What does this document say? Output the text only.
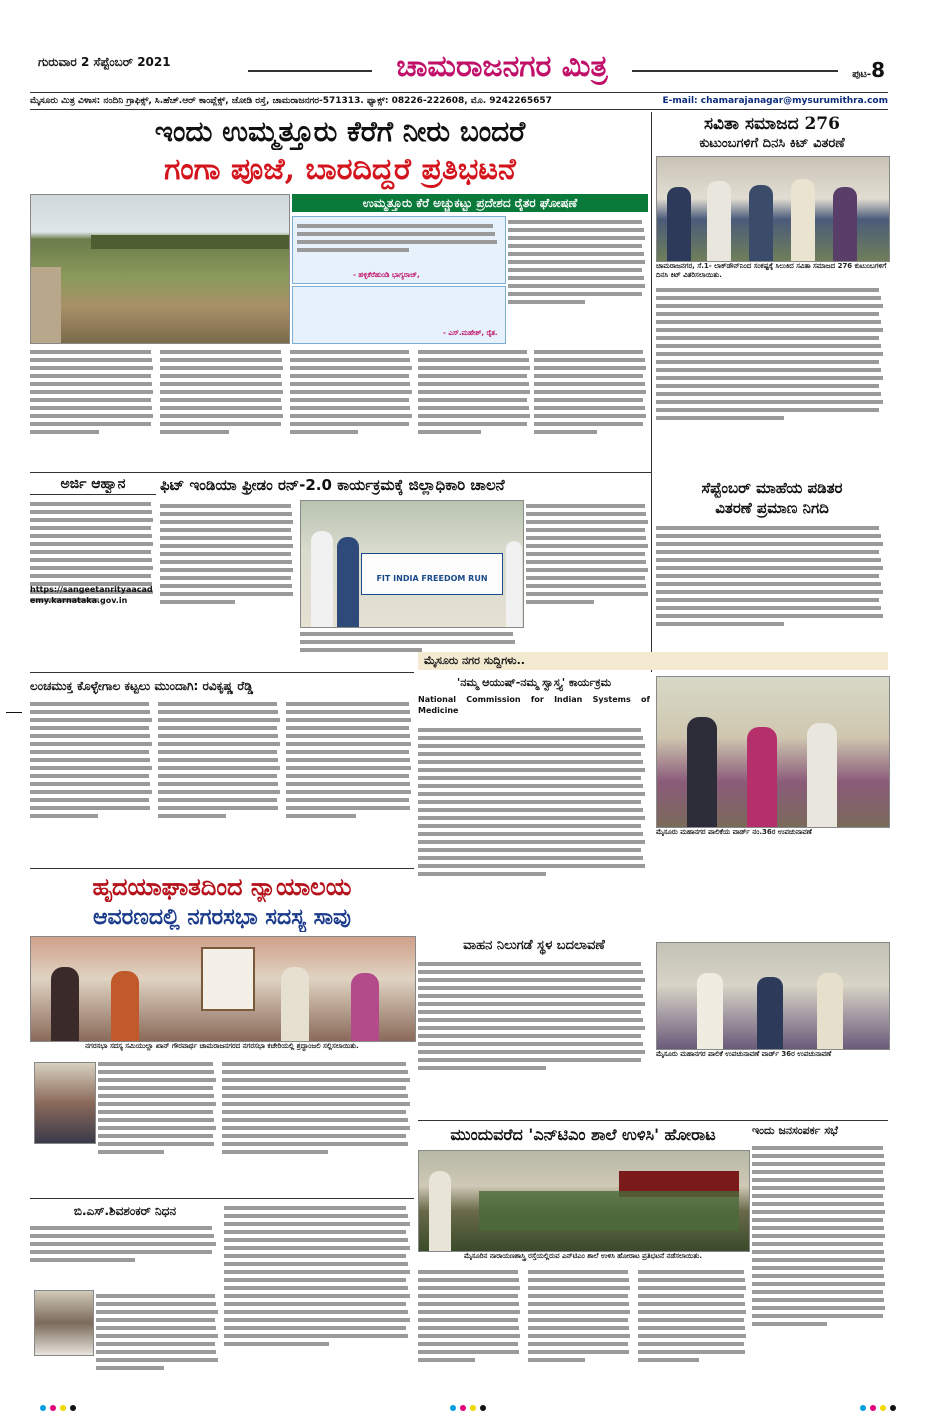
ಗುರುವಾರ 2 ಸೆಪ್ಟೆಂಬರ್ 2021	ಚಾಮರಾಜನಗರ ಮಿತ್ರ	ಪುಟ-8
ಮೈಸೂರು ಮಿತ್ರ ವಿಳಾಸ: ನಂದಿನಿ ಗ್ರಾಫಿಕ್ಸ್, ಸಿ.ಹೆಚ್.ಆರ್ ಕಾಂಪ್ಲೆಕ್ಸ್, ಜೋಡಿ ರಸ್ತೆ, ಚಾಮರಾಜನಗರ-571313. ಫ್ಯಾಕ್ಸ್: 08226-222608, ಮೊ. 9242265657	E-mail: chamarajanagar@mysurumithra.com
ಇಂದು ಉಮ್ಮತ್ತೂರು ಕೆರೆಗೆ ನೀರು ಬಂದರೆ
ಗಂಗಾ ಪೂಜೆ, ಬಾರದಿದ್ದರೆ ಪ್ರತಿಭಟನೆ
ಉಮ್ಮತ್ತೂರು ಕೆರೆ ಅಚ್ಚುಕಟ್ಟು ಪ್ರದೇಶದ ರೈತರ ಘೋಷಣೆ
- ಹಳ್ಳಿಕೆರೆಹುಂಡಿ ಭಾಗ್ಯರಾಜ್,
- ಎಸ್.ಮಹೇಶ್, ರೈತ.
ಸವಿತಾ ಸಮಾಜದ 276
ಕುಟುಂಬಗಳಿಗೆ ದಿನಸಿ ಕಿಟ್ ವಿತರಣೆ
ಚಾಮರಾಜನಗರ, ಸೆ.1- ಲಾಕ್‌ಡೌನ್‌ನಿಂದ ಸಂಕಷ್ಟಕ್ಕೆ ಸಿಲುಕಿದ ಸವಿತಾ ಸಮಾಜದ 276 ಕುಟುಂಬಗಳಿಗೆ ದಿನಸಿ ಕಿಟ್ ವಿತರಿಸಲಾಯಿತು.
ಅರ್ಜಿ ಆಹ್ವಾನ
https://sangeetanrityaacademy.karnataka.gov.in
ಫಿಟ್ ಇಂಡಿಯಾ ಫ್ರೀಡಂ ರನ್-2.0 ಕಾರ್ಯಕ್ರಮಕ್ಕೆ ಜಿಲ್ಲಾಧಿಕಾರಿ ಚಾಲನೆ
FIT INDIA FREEDOM RUN
ಸೆಪ್ಟೆಂಬರ್ ಮಾಹೆಯ ಪಡಿತರ
ವಿತರಣೆ ಪ್ರಮಾಣ ನಿಗದಿ
ಮೈಸೂರು ನಗರ ಸುದ್ದಿಗಳು..
ಲಂಚಮುಕ್ತ ಕೊಳ್ಳೇಗಾಲ ಕಟ್ಟಲು ಮುಂದಾಗಿ: ರವಿಕೃಷ್ಣ ರೆಡ್ಡಿ	'ನಮ್ಮ ಆಯುಷ್-ನಮ್ಮ ಸ್ವಾಸ್ತ್ಯ' ಕಾರ್ಯಕ್ರಮ
National Commission for Indian Systems of Medicine
ಮೈಸೂರು ಮಹಾನಗರ ಪಾಲಿಕೆಯ ವಾರ್ಡ್ ನಂ.36ರ ಉಪಚುನಾವಣೆ
ಹೃದಯಾಘಾತದಿಂದ ನ್ಯಾಯಾಲಯ
ಆವರಣದಲ್ಲಿ ನಗರಸಭಾ ಸದಸ್ಯ ಸಾವು
ನಗರಸಭಾ ಸದಸ್ಯ ಸಮಿಯುಲ್ಲಾ ಖಾನ್ ಗೌರವಾರ್ಥ ಚಾಮರಾಜನಗರದ ನಗರಸಭಾ ಕಚೇರಿಯಲ್ಲಿ ಶ್ರದ್ಧಾಂಜಲಿ ಸಲ್ಲಿಸಲಾಯಿತು.
ಬಿ.ಎಸ್.ಶಿವಶಂಕರ್ ನಿಧನ
ವಾಹನ ನಿಲುಗಡೆ ಸ್ಥಳ ಬದಲಾವಣೆ
ಮೈಸೂರು ಮಹಾನಗರ ಪಾಲಿಕೆ ಉಪಚುನಾವಣೆ ವಾರ್ಡ್ 36ರ ಉಪಚುನಾವಣೆ
ಮುಂದುವರೆದ 'ಎನ್‌ಟಿಎಂ ಶಾಲೆ ಉಳಿಸಿ' ಹೋರಾಟ
ಮೈಸೂರಿನ ನಾರಾಯಣಶಾಸ್ತ್ರಿ ರಸ್ತೆಯಲ್ಲಿರುವ ಎನ್‌ಟಿಎಂ ಶಾಲೆ ಉಳಿಸಿ ಹೋರಾಟ ಪ್ರತಿಭಟನೆ ನಡೆಸಲಾಯಿತು.
ಇಂದು ಜನಸಂಪರ್ಕ ಸಭೆ
